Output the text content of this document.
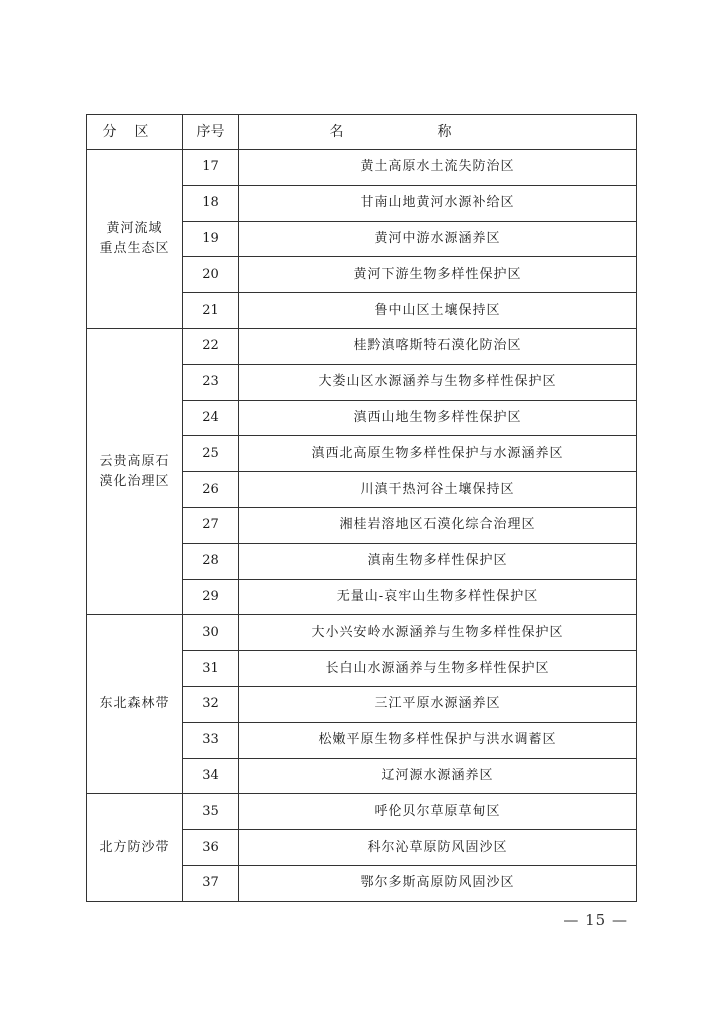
分区	序号	名称

黄河流域
重点生态区	17	黄土高原水土流失防治区
	18	甘南山地黄河水源补给区
	19	黄河中游水源涵养区
	20	黄河下游生物多样性保护区
	21	鲁中山区土壤保持区

云贵高原石
漠化治理区	22	桂黔滇喀斯特石漠化防治区
	23	大娄山区水源涵养与生物多样性保护区
	24	滇西山地生物多样性保护区
	25	滇西北高原生物多样性保护与水源涵养区
	26	川滇干热河谷土壤保持区
	27	湘桂岩溶地区石漠化综合治理区
	28	滇南生物多样性保护区
	29	无量山-哀牢山生物多样性保护区

东北森林带	30	大小兴安岭水源涵养与生物多样性保护区
	31	长白山水源涵养与生物多样性保护区
	32	三江平原水源涵养区
	33	松嫩平原生物多样性保护与洪水调蓄区
	34	辽河源水源涵养区

北方防沙带	35	呼伦贝尔草原草甸区
	36	科尔沁草原防风固沙区
	37	鄂尔多斯高原防风固沙区
— 15 —
